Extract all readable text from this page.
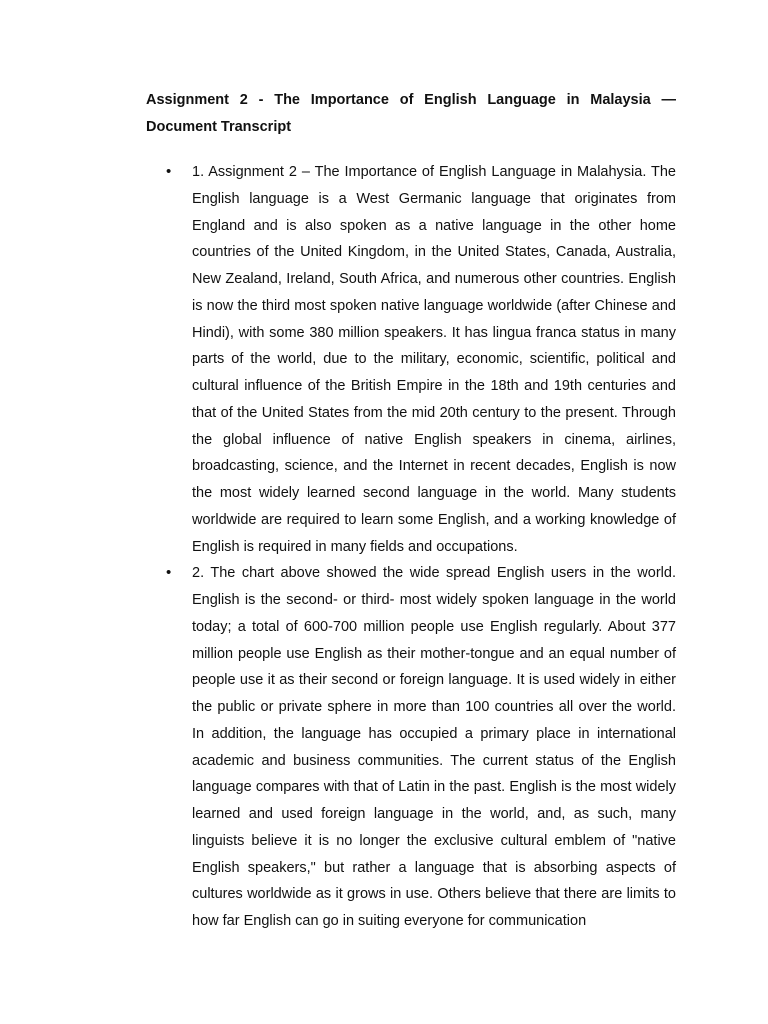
Assignment 2 - The Importance of English Language in Malaysia — Document Transcript
• 1. Assignment 2 – The Importance of English Language in Malahysia. The English language is a West Germanic language that originates from England and is also spoken as a native language in the other home countries of the United Kingdom, in the United States, Canada, Australia, New Zealand, Ireland, South Africa, and numerous other countries. English is now the third most spoken native language worldwide (after Chinese and Hindi), with some 380 million speakers. It has lingua franca status in many parts of the world, due to the military, economic, scientific, political and cultural influence of the British Empire in the 18th and 19th centuries and that of the United States from the mid 20th century to the present. Through the global influence of native English speakers in cinema, airlines, broadcasting, science, and the Internet in recent decades, English is now the most widely learned second language in the world. Many students worldwide are required to learn some English, and a working knowledge of English is required in many fields and occupations.
• 2. The chart above showed the wide spread English users in the world. English is the second- or third- most widely spoken language in the world today; a total of 600-700 million people use English regularly. About 377 million people use English as their mother-tongue and an equal number of people use it as their second or foreign language. It is used widely in either the public or private sphere in more than 100 countries all over the world. In addition, the language has occupied a primary place in international academic and business communities. The current status of the English language compares with that of Latin in the past. English is the most widely learned and used foreign language in the world, and, as such, many linguists believe it is no longer the exclusive cultural emblem of "native English speakers," but rather a language that is absorbing aspects of cultures worldwide as it grows in use. Others believe that there are limits to how far English can go in suiting everyone for communication
